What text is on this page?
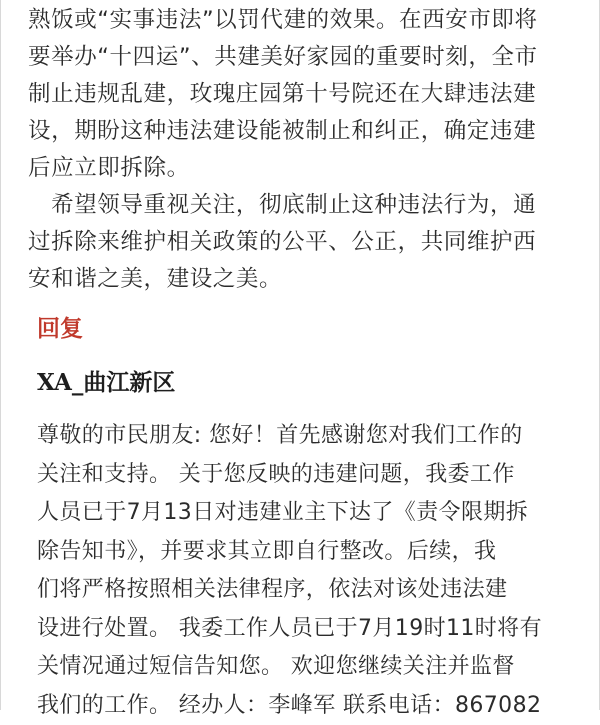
熟饭或“实事违法”以罚代建的效果。在西安市即将
要举办“十四运”、共建美好家园的重要时刻，全市
制止违规乱建，玫瑰庄园第十号院还在大肆违法建
设，期盼这种违法建设能被制止和纠正，确定违建
后应立即拆除。
　希望领导重视关注，彻底制止这种违法行为，通
过拆除来维护相关政策的公平、公正，共同维护西
安和谐之美，建设之美。
回复
XA_曲江新区
尊敬的市民朋友: 您好！首先感谢您对我们工作的
关注和支持。 关于您反映的违建问题，我委工作
人员已于7月13日对违建业主下达了《责令限期拆
除告知书》，并要求其立即自行整改。后续，我
们将严格按照相关法律程序，依法对该处违法建
设进行处置。 我委工作人员已于7月19时11时将有
关情况通过短信告知您。 欢迎您继续关注并监督
我们的工作。 经办人：李峰军 联系电话：867082
